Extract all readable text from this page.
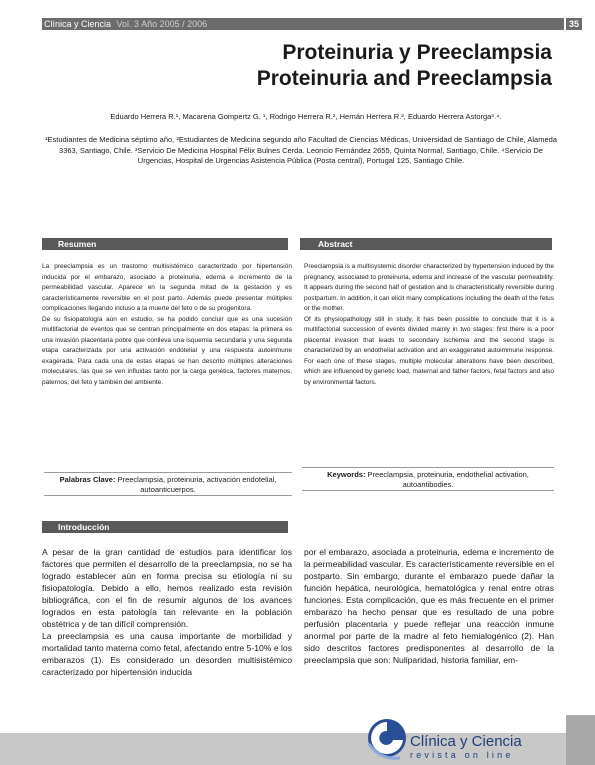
Clínica y Ciencia Vol. 3 Año 2005 / 2006	35
Proteinuria y Preeclampsia
Proteinuria and Preeclampsia
Eduardo Herrera R.¹, Macarena Gompertz G. ¹, Rodrigo Herrera R.², Hernán Herrera R.², Eduardo Herrera Astorga³˒⁴.
¹Estudiantes de Medicina séptimo año, ²Estudiantes de Medicina segundo año Facultad de Ciencias Médicas, Universidad de Santiago de Chile, Alameda 3363, Santiago, Chile. ³Servicio De Medicina Hospital Félix Bulnes Cerda. Leoncio Fernández 2655, Quinta Normal, Santiago, Chile. ⁴Servicio De Urgencias, Hospital de Urgencias Asistencia Pública (Posta central), Portugal 125, Santiago Chile.
Resumen	Abstract

La preeclampsia es un trastorno multisistémico caracterizado por hipertensión inducida por el embarazo, asociado a proteinuria, edema e incremento de la permeabilidad vascular. Aparece en la segunda mitad de la gestación y es característicamente reversible en el post parto. Además puede presentar múltiples complicaciones llegando incluso a la muerte del feto o de su progenitora.

De su fisiopatología aún en estudio, se ha podido concluir que es una sucesión multifactorial de eventos que se centran principalmente en dos etapas: la primera es una invasión placentaria pobre que conlleva una isquemia secundaria y una segunda etapa caracterizada por una activación endotelial y una respuesta autoinmune exagerada. Para cada una de estas etapas se han descrito múltiples alteraciones moleculares, las que se ven influidas tanto por la carga genética, factores maternos, paternos, del feto y también del ambiente.

Preeclampsia is a multisystemic disorder characterized by hypertension induced by the pregnancy, associated to proteinuria, edema and increase of the vascular permeability. It appears during the second half of gestation and is characteristically reversible during postpartum. In addition, it can elicit many complications including the death of the fetus or the mother.

Of its physiopathology still in study, it has been possible to conclude that it is a multifactorial succession of events divided mainly in two stages: first there is a poor placental invasion that leads to secondary ischemia and the second stage is characterized by an endothelial activation and an exaggerated autoimmune response. For each one of these stages, multiple molecular alterations have been described, which are influenced by genetic load, maternal and father factors, fetal factors and also by environmental factors.

Palabras Clave: Preeclampsia, proteinuria, activación endotelial, autoanticuerpos.
Keywords: Preeclampsia, proteinuria, endothelial activation, autoantibodies.
Introducción

A pesar de la gran cantidad de estudios para identificar los factores que permiten el desarrollo de la preeclampsia, no se ha logrado establecer aún en forma precisa su etiología ni su fisiopatología. Debido a ello, hemos realizado esta revisión bibliográfica, con el fin de resumir algunos de los avances logrados en esta patología tan relevante en la población obstétrica y de tan difícil comprensión.

La preeclampsia es una causa importante de morbilidad y mortalidad tanto materna como fetal, afectando entre 5-10% e los embarazos (1). Es considerado un desorden multisistémico caracterizado por hipertensión inducida

por el embarazo, asociada a proteinuria, edema e incremento de la permeabilidad vascular. Es característicamente reversible en el postparto. Sin embargo, durante el embarazo puede dañar la función hepática, neurológica, hematológica y renal entre otras funciones. Esta complicación, que es más frecuente en el primer embarazo ha hecho pensar que es resultado de una pobre perfusión placentaria y puede reflejar una reacción inmune anormal por parte de la madre al feto hemialogénico (2). Han sido descritos factores predisponentes al desarrollo de la preeclampsia que son: Nuliparidad, historia familiar, em-

Clínica y Ciencia
revista on line
